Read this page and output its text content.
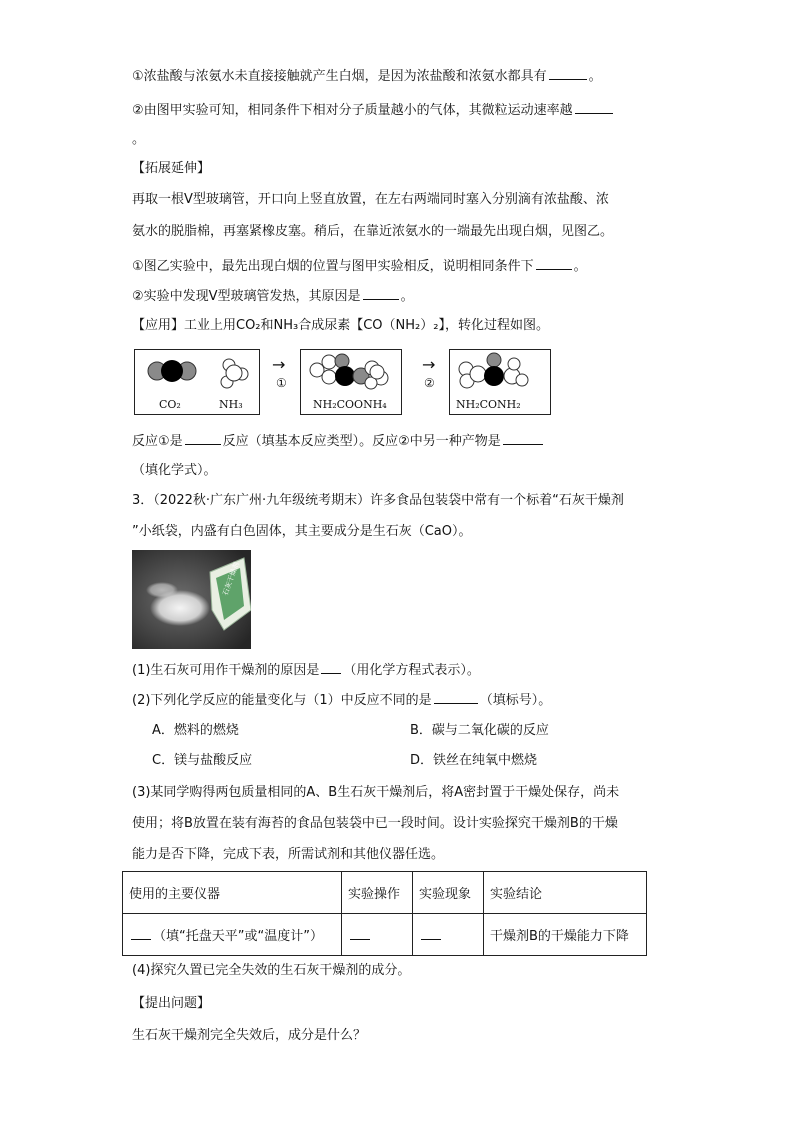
①浓盐酸与浓氨水未直接接触就产生白烟，是因为浓盐酸和浓氨水都具有	。
②由图甲实验可知，相同条件下相对分子质量越小的气体，其微粒运动速率越
。
【拓展延伸】
再取一根V型玻璃管，开口向上竖直放置，在左右两端同时塞入分别滴有浓盐酸、浓
氨水的脱脂棉，再塞紧橡皮塞。稍后，在靠近浓氨水的一端最先出现白烟，见图乙。
①图乙实验中，最先出现白烟的位置与图甲实验相反，说明相同条件下	。
②实验中发现V型玻璃管发热，其原因是	。
【应用】工业上用CO₂和NH₃合成尿素【CO（NH₂）₂】，转化过程如图。
CO₂	NH₃
→
①
NH₂COONH₄
→
②
NH₂CONH₂
反应①是	反应（填基本反应类型）。反应②中另一种产物是
（填化学式）。
3．（2022秋·广东广州·九年级统考期末）许多食品包装袋中常有一个标着“石灰干燥剂
”小纸袋，内盛有白色固体，其主要成分是生石灰（CaO）。
石灰干燥剂
(1)生石灰可用作干燥剂的原因是 （用化学方程式表示）。
(2)下列化学反应的能量变化与（1）中反应不同的是	（填标号）。
A．燃料的燃烧	B．碳与二氧化碳的反应
C．镁与盐酸反应	D．铁丝在纯氧中燃烧
(3)某同学购得两包质量相同的A、B生石灰干燥剂后，将A密封置于干燥处保存，尚未
使用；将B放置在装有海苔的食品包装袋中已一段时间。设计实验探究干燥剂B的干燥
能力是否下降，完成下表，所需试剂和其他仪器任选。
使用的主要仪器	实验操作	实验现象	实验结论
（填“托盘天平”或“温度计”）			干燥剂B的干燥能力下降
(4)探究久置已完全失效的生石灰干燥剂的成分。
【提出问题】
生石灰干燥剂完全失效后，成分是什么？
